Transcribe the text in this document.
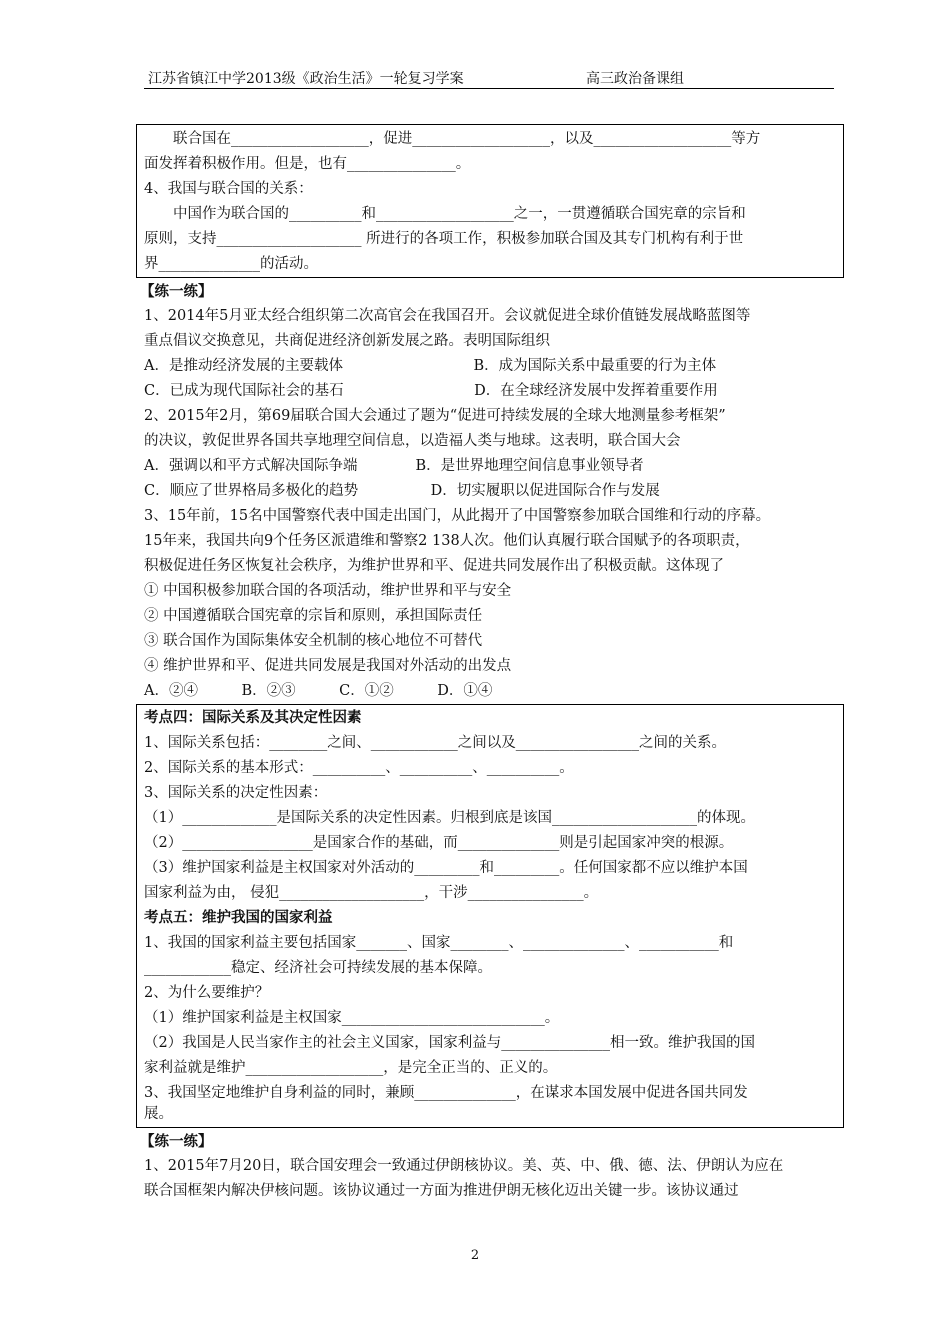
江苏省镇江中学2013级《政治生活》一轮复习学案	高三政治备课组
　　联合国在___________________，促进___________________，以及___________________等方
面发挥着积极作用。但是，也有_______________。
4、我国与联合国的关系：
　　中国作为联合国的__________和___________________之一，一贯遵循联合国宪章的宗旨和
原则，支持____________________ 所进行的各项工作，积极参加联合国及其专门机构有利于世
界______________的活动。
【练一练】
1、2014年5月亚太经合组织第二次高官会在我国召开。会议就促进全球价值链发展战略蓝图等
重点倡议交换意见，共商促进经济创新发展之路。表明国际组织
A．是推动经济发展的主要载体　　　　　　　　　B．成为国际关系中最重要的行为主体
C．已成为现代国际社会的基石　　　　　　　　　D．在全球经济发展中发挥着重要作用
2、2015年2月，第69届联合国大会通过了题为“促进可持续发展的全球大地测量参考框架”
的决议，敦促世界各国共享地理空间信息，以造福人类与地球。这表明，联合国大会
A．强调以和平方式解决国际争端　　　　B．是世界地理空间信息事业领导者
C．顺应了世界格局多极化的趋势　　　　　D．切实履职以促进国际合作与发展
3、15年前，15名中国警察代表中国走出国门，从此揭开了中国警察参加联合国维和行动的序幕。
15年来，我国共向9个任务区派遣维和警察2 138人次。他们认真履行联合国赋予的各项职责，
积极促进任务区恢复社会秩序，为维护世界和平、促进共同发展作出了积极贡献。这体现了
① 中国积极参加联合国的各项活动，维护世界和平与安全
② 中国遵循联合国宪章的宗旨和原则，承担国际责任
③ 联合国作为国际集体安全机制的核心地位不可替代
④ 维护世界和平、促进共同发展是我国对外活动的出发点
A．②④　　　B．②③　　　C．①②　　　D．①④
考点四：国际关系及其决定性因素
1、国际关系包括：________之间、____________之间以及_________________之间的关系。
2、国际关系的基本形式：__________、__________、__________。
3、国际关系的决定性因素：
（1）_____________是国际关系的决定性因素。归根到底是该国____________________的体现。
（2）__________________是国家合作的基础，而______________则是引起国家冲突的根源。
（3）维护国家利益是主权国家对外活动的_________和_________。任何国家都不应以维护本国
国家利益为由， 侵犯____________________，干涉________________。
考点五：维护我国的国家利益
1、我国的国家利益主要包括国家_______、国家________、______________、___________和
____________稳定、经济社会可持续发展的基本保障。
2、为什么要维护？
（1）维护国家利益是主权国家____________________________。
（2）我国是人民当家作主的社会主义国家，国家利益与_______________相一致。维护我国的国
家利益就是维护___________________，是完全正当的、正义的。
3、我国坚定地维护自身利益的同时，兼顾______________，在谋求本国发展中促进各国共同发
展。
【练一练】
1、2015年7月20日，联合国安理会一致通过伊朗核协议。美、英、中、俄、德、法、伊朗认为应在
联合国框架内解决伊核问题。该协议通过一方面为推进伊朗无核化迈出关键一步。该协议通过
2
